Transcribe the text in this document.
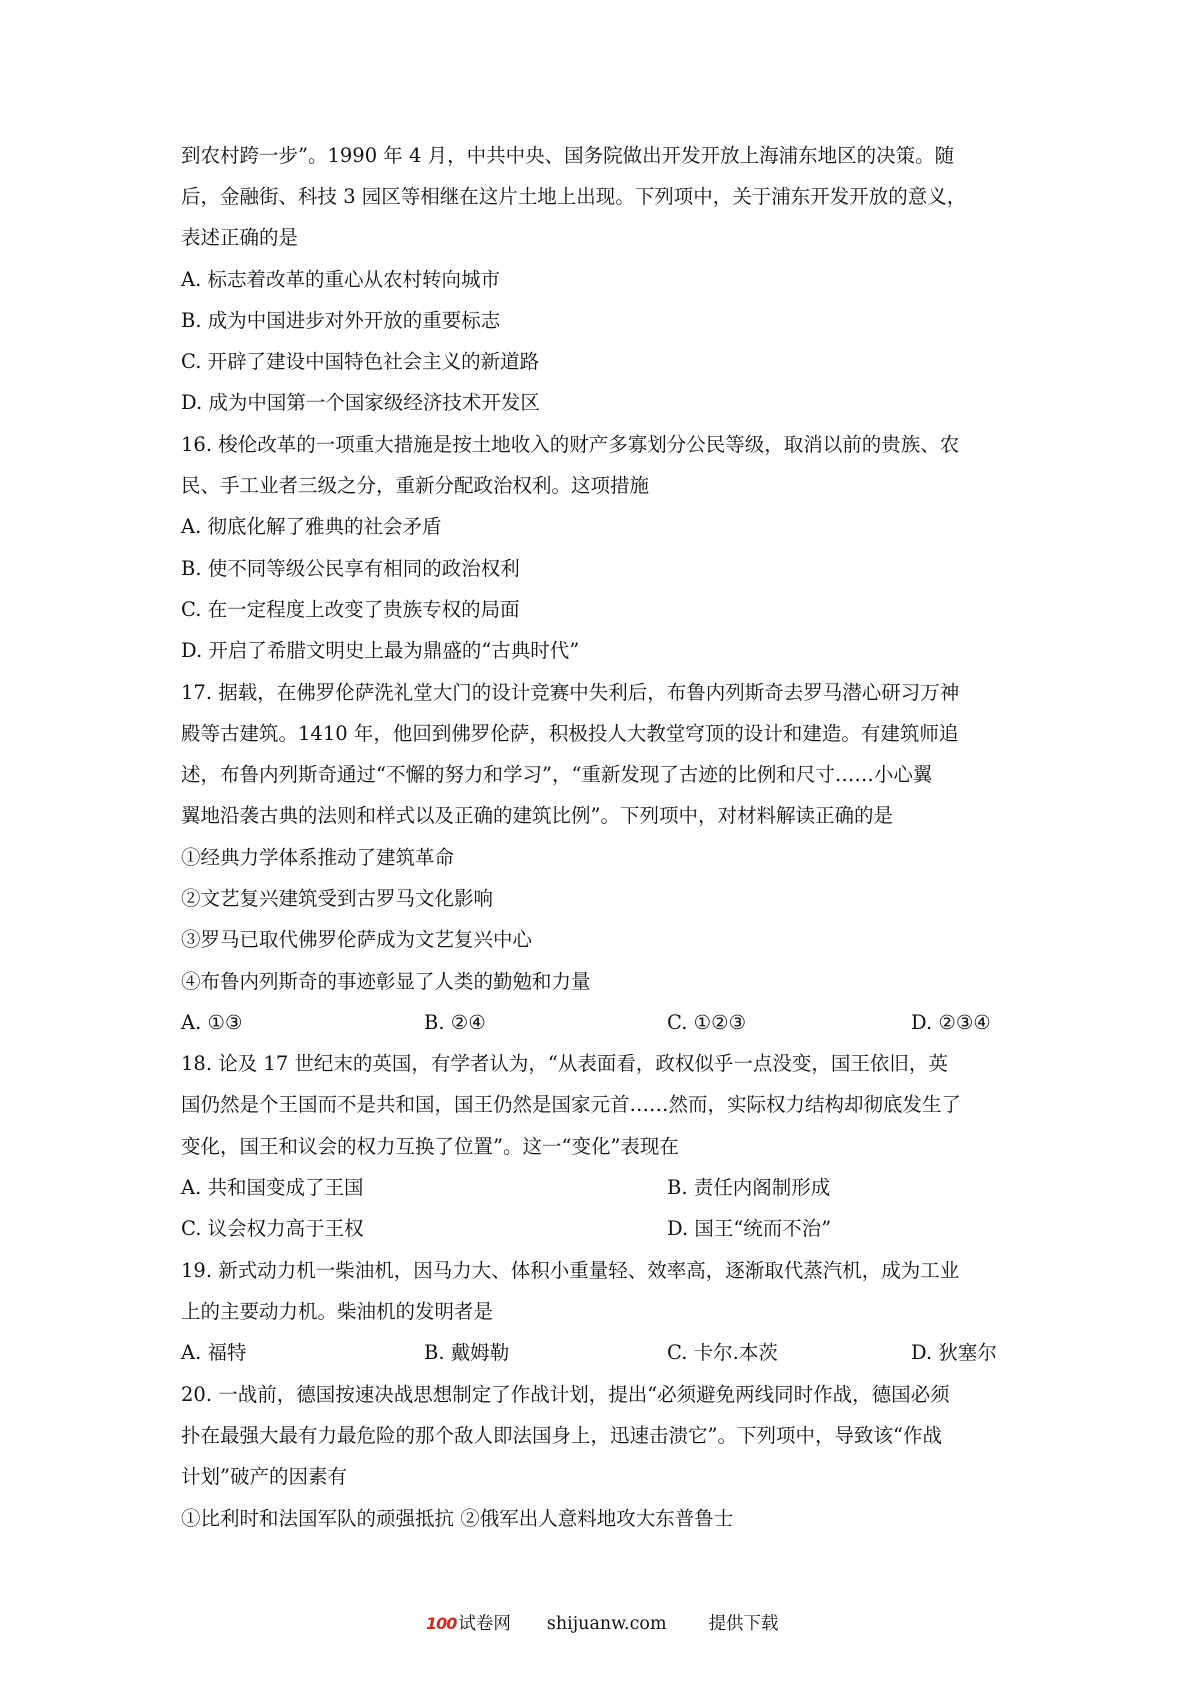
到农村跨一步”。1990 年 4 月，中共中央、国务院做出开发开放上海浦东地区的决策。随
后，金融街、科技 3 园区等相继在这片土地上出现。下列项中，关于浦东开发开放的意义，
表述正确的是
A. 标志着改革的重心从农村转向城市
B. 成为中国进步对外开放的重要标志
C. 开辟了建设中国特色社会主义的新道路
D. 成为中国第一个国家级经济技术开发区
16. 梭伦改革的一项重大措施是按土地收入的财产多寡划分公民等级，取消以前的贵族、农
民、手工业者三级之分，重新分配政治权利。这项措施
A. 彻底化解了雅典的社会矛盾
B. 使不同等级公民享有相同的政治权利
C. 在一定程度上改变了贵族专权的局面
D. 开启了希腊文明史上最为鼎盛的“古典时代”
17. 据载，在佛罗伦萨洗礼堂大门的设计竞赛中失利后，布鲁内列斯奇去罗马潜心研习万神
殿等古建筑。1410 年，他回到佛罗伦萨，积极投人大教堂穹顶的设计和建造。有建筑师追
述，布鲁内列斯奇通过“不懈的努力和学习”，“重新发现了古迹的比例和尺寸……小心翼
翼地沿袭古典的法则和样式以及正确的建筑比例”。下列项中，对材料解读正确的是
①经典力学体系推动了建筑革命
②文艺复兴建筑受到古罗马文化影响
③罗马已取代佛罗伦萨成为文艺复兴中心
④布鲁内列斯奇的事迹彰显了人类的勤勉和力量
A. ①③	B. ②④	C. ①②③	D. ②③④
18. 论及 17 世纪末的英国，有学者认为，“从表面看，政权似乎一点没变，国王依旧，英
国仍然是个王国而不是共和国，国王仍然是国家元首……然而，实际权力结构却彻底发生了
变化，国王和议会的权力互换了位置”。这一“变化”表现在
A. 共和国变成了王国	B. 责任内阁制形成
C. 议会权力高于王权	D. 国王“统而不治”
19. 新式动力机一柴油机，因马力大、体积小重量轻、效率高，逐渐取代蒸汽机，成为工业
上的主要动力机。柴油机的发明者是
A. 福特	B. 戴姆勒	C. 卡尔.本茨	D. 狄塞尔
20. 一战前，德国按速决战思想制定了作战计划，提出“必须避免两线同时作战，德国必须
扑在最强大最有力最危险的那个敌人即法国身上，迅速击溃它”。下列项中，导致该“作战
计划”破产的因素有
①比利时和法国军队的顽强抵抗 ②俄军出人意料地攻大东普鲁士
100 试卷网 shijuanw.com 提供下载
